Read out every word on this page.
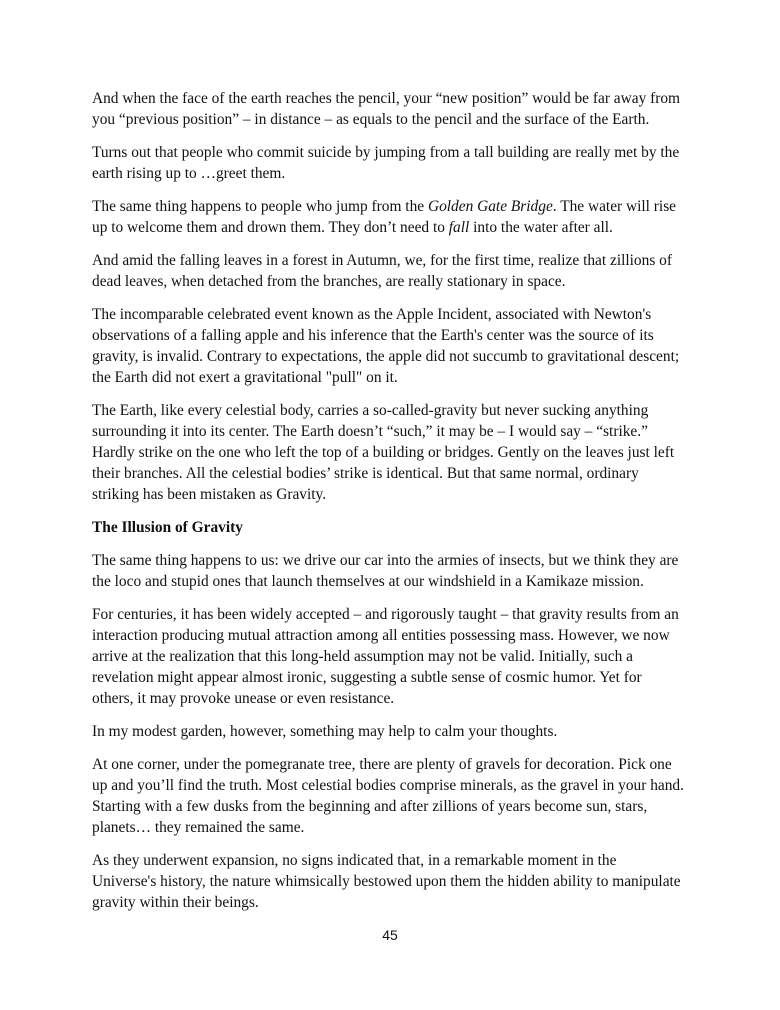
And when the face of the earth reaches the pencil, your “new position” would be far away from you “previous position” – in distance – as equals to the pencil and the surface of the Earth.

Turns out that people who commit suicide by jumping from a tall building are really met by the earth rising up to …greet them.

The same thing happens to people who jump from the Golden Gate Bridge. The water will rise up to welcome them and drown them. They don’t need to fall into the water after all.

And amid the falling leaves in a forest in Autumn, we, for the first time, realize that zillions of dead leaves, when detached from the branches, are really stationary in space.

The incomparable celebrated event known as the Apple Incident, associated with Newton's observations of a falling apple and his inference that the Earth's center was the source of its gravity, is invalid. Contrary to expectations, the apple did not succumb to gravitational descent; the Earth did not exert a gravitational "pull" on it.

The Earth, like every celestial body, carries a so-called-gravity but never sucking anything surrounding it into its center. The Earth doesn’t “such,” it may be – I would say – “strike.” Hardly strike on the one who left the top of a building or bridges. Gently on the leaves just left their branches. All the celestial bodies’ strike is identical. But that same normal, ordinary striking has been mistaken as Gravity.

The Illusion of Gravity

The same thing happens to us: we drive our car into the armies of insects, but we think they are the loco and stupid ones that launch themselves at our windshield in a Kamikaze mission.

For centuries, it has been widely accepted – and rigorously taught – that gravity results from an interaction producing mutual attraction among all entities possessing mass. However, we now arrive at the realization that this long-held assumption may not be valid. Initially, such a revelation might appear almost ironic, suggesting a subtle sense of cosmic humor. Yet for others, it may provoke unease or even resistance.

In my modest garden, however, something may help to calm your thoughts.

At one corner, under the pomegranate tree, there are plenty of gravels for decoration. Pick one up and you’ll find the truth. Most celestial bodies comprise minerals, as the gravel in your hand. Starting with a few dusks from the beginning and after zillions of years become sun, stars, planets… they remained the same.

As they underwent expansion, no signs indicated that, in a remarkable moment in the Universe's history, the nature whimsically bestowed upon them the hidden ability to manipulate gravity within their beings.

45
